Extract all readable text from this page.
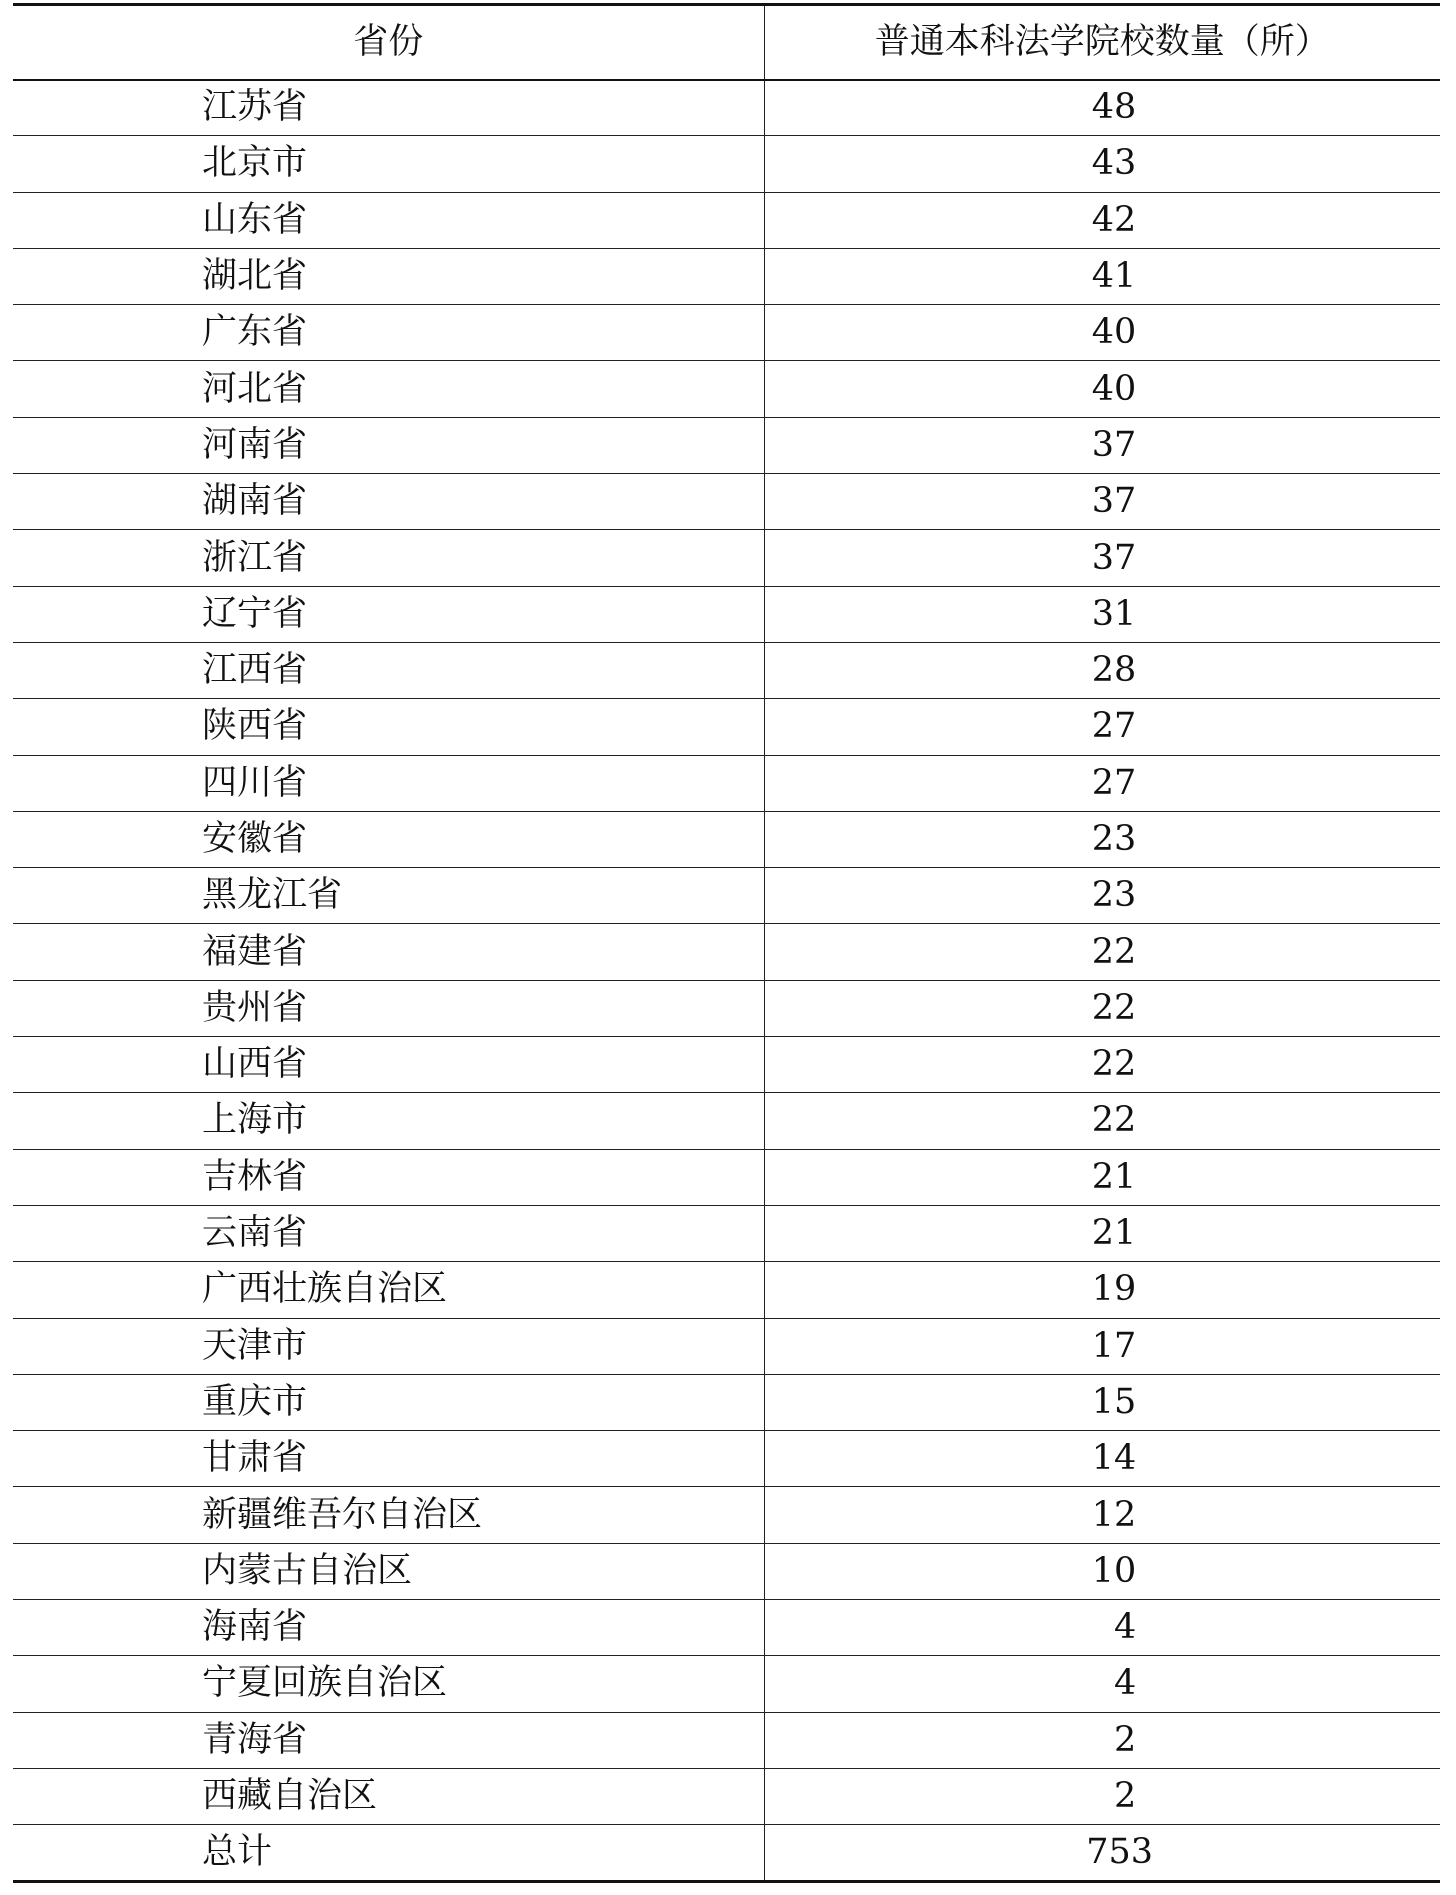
省份	普通本科法学院校数量（所）
江苏省	48
北京市	43
山东省	42
湖北省	41
广东省	40
河北省	40
河南省	37
湖南省	37
浙江省	37
辽宁省	31
江西省	28
陕西省	27
四川省	27
安徽省	23
黑龙江省	23
福建省	22
贵州省	22
山西省	22
上海市	22
吉林省	21
云南省	21
广西壮族自治区	19
天津市	17
重庆市	15
甘肃省	14
新疆维吾尔自治区	12
内蒙古自治区	10
海南省	4
宁夏回族自治区	4
青海省	2
西藏自治区	2
总计	753
